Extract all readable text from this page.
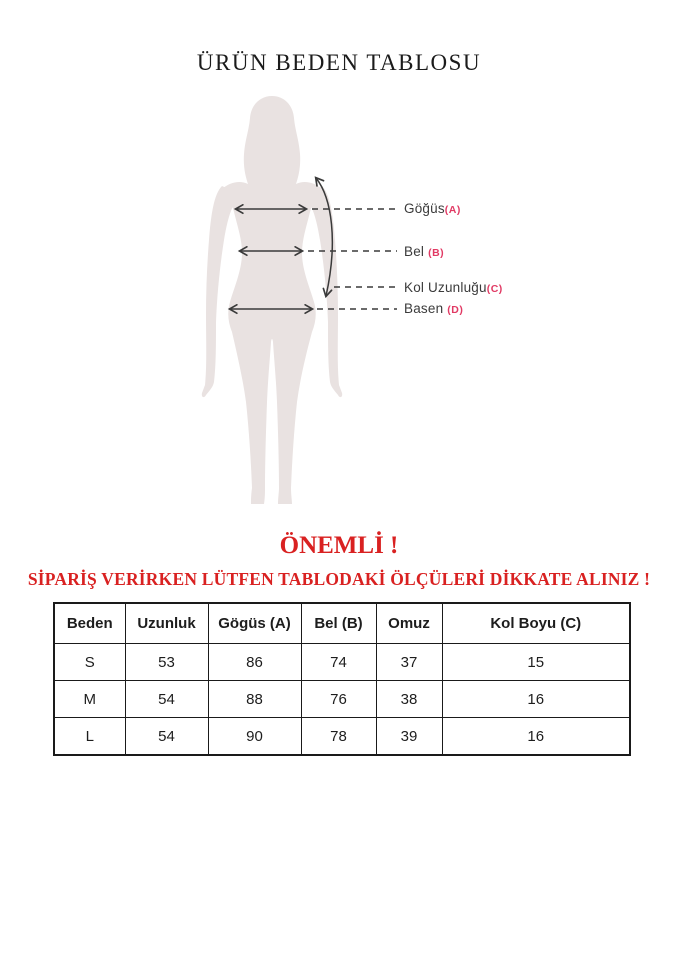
ÜRÜN BEDEN TABLOSU
Göğüs(A)
Bel (B)
Kol Uzunluğu(C)
Basen (D)
ÖNEMLİ !
SİPARİŞ VERİRKEN LÜTFEN TABLODAKİ ÖLÇÜLERİ DİKKATE ALINIZ !
Beden	Uzunluk	Gögüs (A)	Bel (B)	Omuz	Kol Boyu (C)
S	53	86	74	37	15
M	54	88	76	38	16
L	54	90	78	39	16
